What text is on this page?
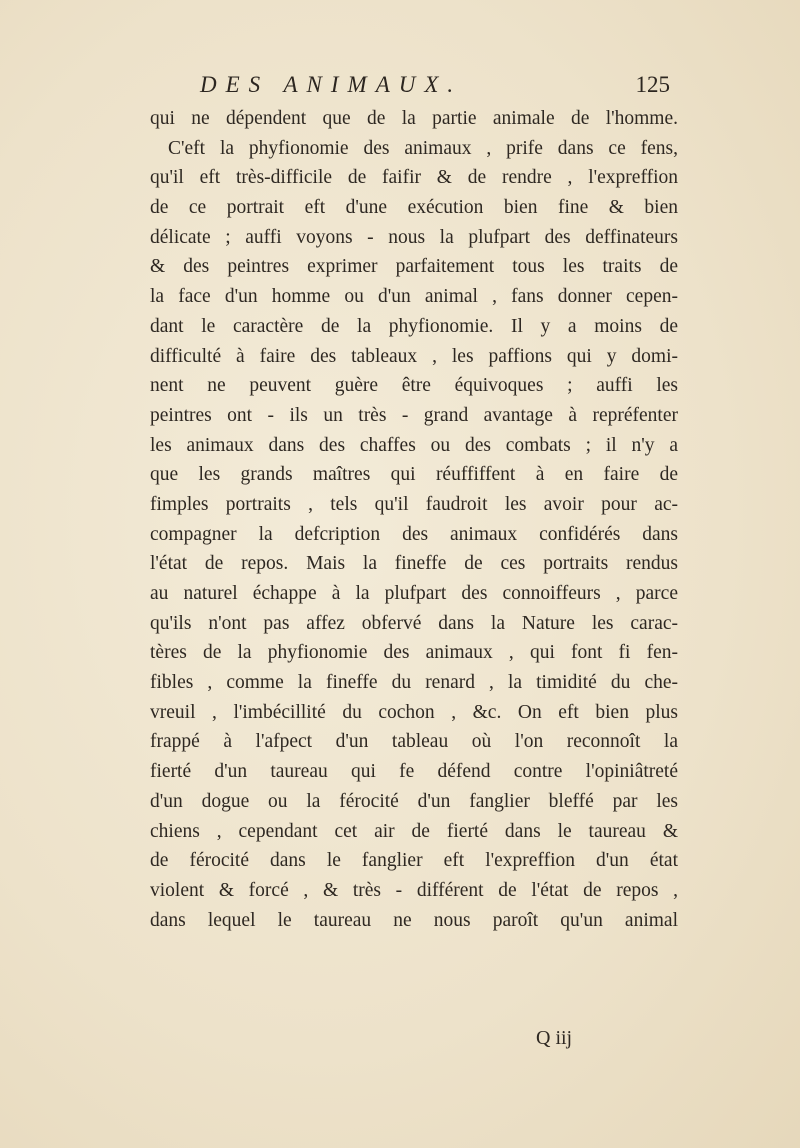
DES ANIMAUX.	125
qui ne dépendent que de la partie animale de l'homme.
C'eft la phyfionomie des animaux , prife dans ce fens,
qu'il eft très-difficile de faifir & de rendre , l'expreffion
de ce portrait eft d'une exécution bien fine & bien
délicate ; auffi voyons - nous la plufpart des deffinateurs
& des peintres exprimer parfaitement tous les traits de
la face d'un homme ou d'un animal , fans donner cepen-
dant le caractère de la phyfionomie. Il y a moins de
difficulté à faire des tableaux , les paffions qui y domi-
nent ne peuvent guère être équivoques ; auffi les
peintres ont - ils un très - grand avantage à repréfenter
les animaux dans des chaffes ou des combats ; il n'y a
que les grands maîtres qui réuffiffent à en faire de
fimples portraits , tels qu'il faudroit les avoir pour ac-
compagner la defcription des animaux confidérés dans
l'état de repos. Mais la fineffe de ces portraits rendus
au naturel échappe à la plufpart des connoiffeurs , parce
qu'ils n'ont pas affez obfervé dans la Nature les carac-
tères de la phyfionomie des animaux , qui font fi fen-
fibles , comme la fineffe du renard , la timidité du che-
vreuil , l'imbécillité du cochon , &c. On eft bien plus
frappé à l'afpect d'un tableau où l'on reconnoît la
fierté d'un taureau qui fe défend contre l'opiniâtreté
d'un dogue ou la férocité d'un fanglier bleffé par les
chiens , cependant cet air de fierté dans le taureau &
de férocité dans le fanglier eft l'expreffion d'un état
violent & forcé , & très - différent de l'état de repos ,
dans lequel le taureau ne nous paroît qu'un animal
Q iij
